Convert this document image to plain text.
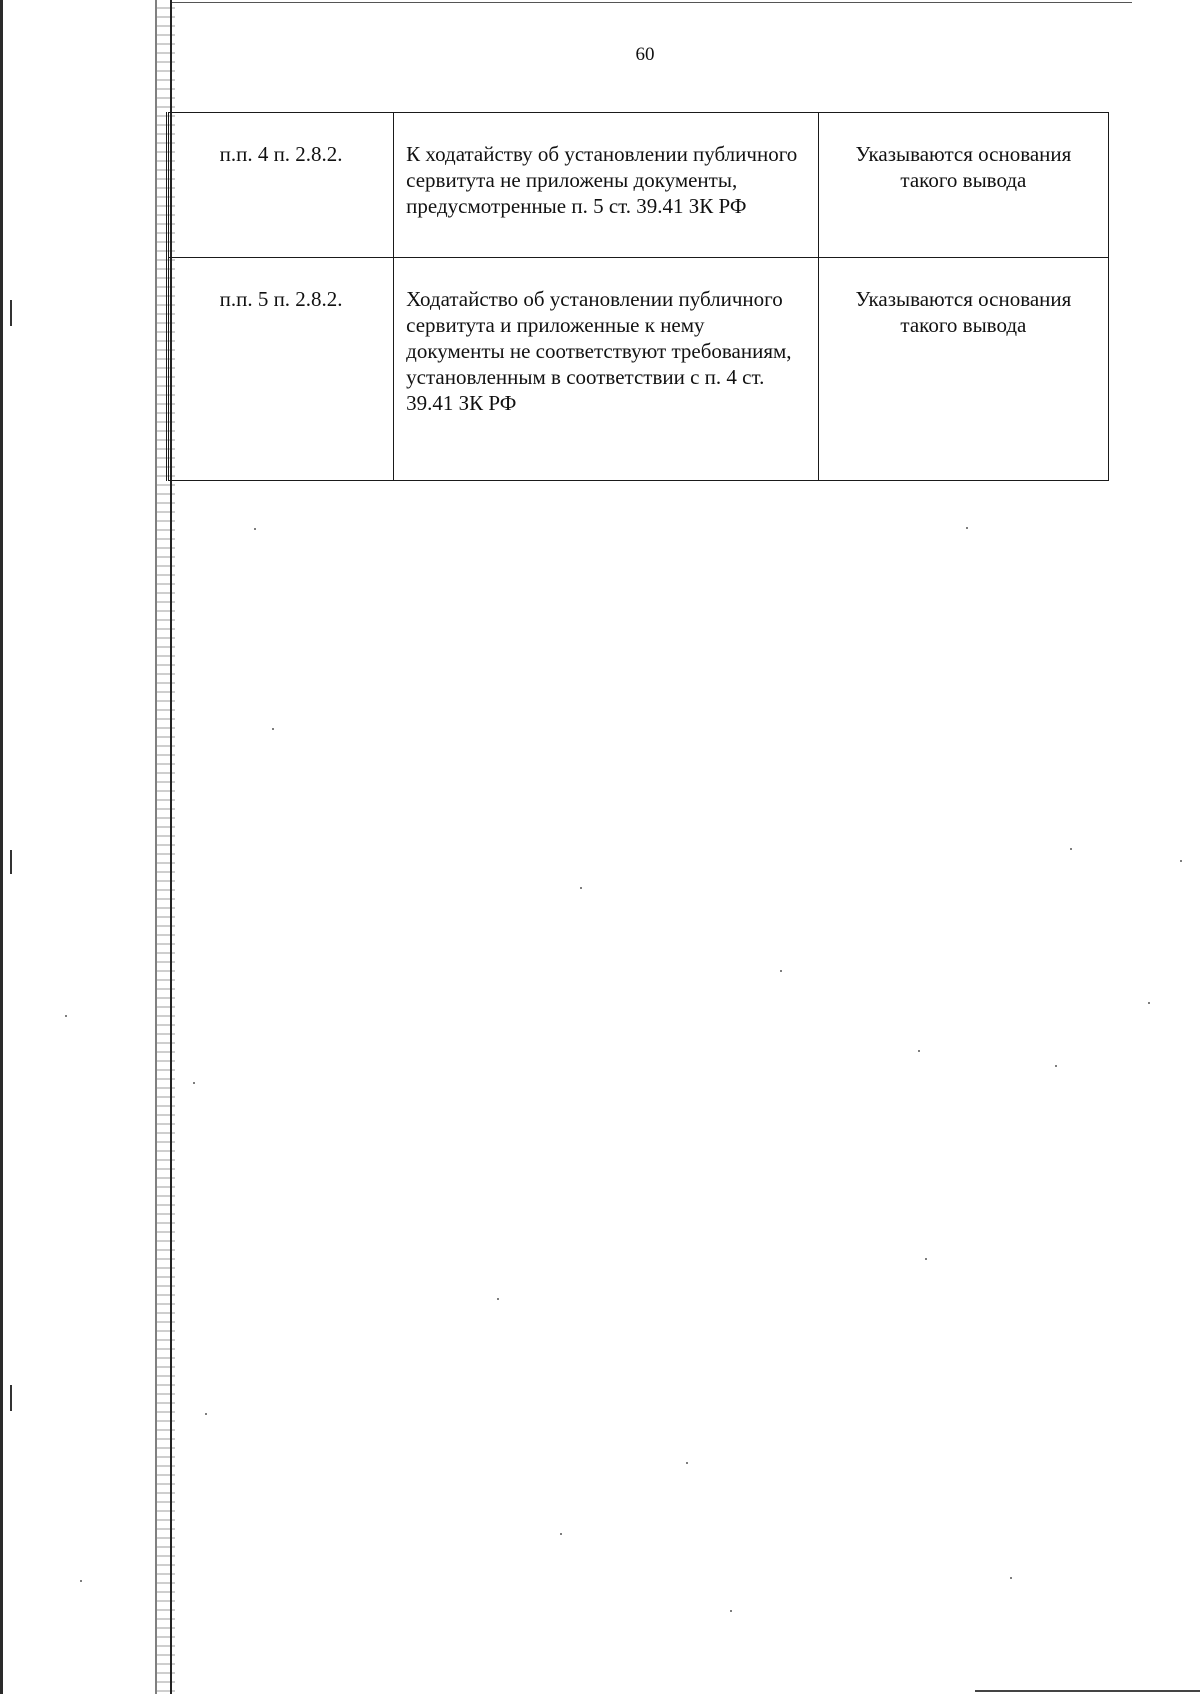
60
п.п. 4 п. 2.8.2.	К ходатайству об установлении публичного сервитута не приложены документы, предусмотренные п. 5 ст. 39.41 ЗК РФ	Указываются основания такого вывода

п.п. 5 п. 2.8.2.	Ходатайство об установлении публичного сервитута и приложенные к нему документы не соответствуют требованиям, установленным в соответствии с п. 4 ст. 39.41 ЗК РФ	Указываются основания такого вывода
